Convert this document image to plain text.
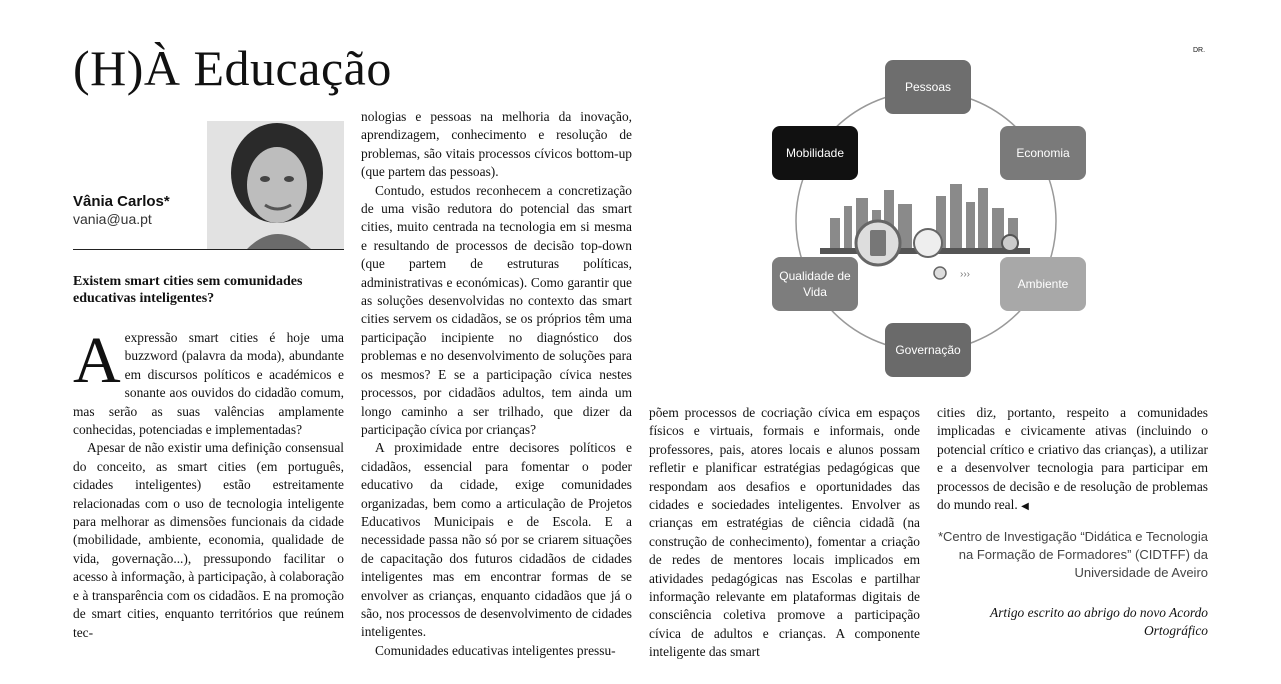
(H)À Educação	DR.
Vânia Carlos*
vania@ua.pt
Existem smart cities sem comunidades educativas inteligentes?

Aexpressão smart cities é hoje uma buzzword (palavra da moda), abundante em discursos políticos e académicos e sonante aos ouvidos do cidadão comum, mas serão as suas valências amplamente conhecidas, potenciadas e implementadas?

Apesar de não existir uma definição consensual do conceito, as smart cities (em português, cidades inteligentes) estão estreitamente relacionadas com o uso de tecnologia inteligente para melhorar as dimensões funcionais da cidade (mobilidade, ambiente, economia, qualidade de vida, governação...), pressupondo facilitar o acesso à informação, à participação, à colaboração e à transparência com os cidadãos. E na promoção de smart cities, enquanto territórios que reúnem tec-

nologias e pessoas na melhoria da inovação, aprendizagem, conhecimento e resolução de problemas, são vitais processos cívicos bottom-up (que partem das pessoas).

Contudo, estudos reconhecem a concretização de uma visão redutora do potencial das smart cities, muito centrada na tecnologia em si mesma e resultando de processos de decisão top-down (que partem de estruturas políticas, administrativas e económicas). Como garantir que as soluções desenvolvidas no contexto das smart cities servem os cidadãos, se os próprios têm uma participação incipiente no diagnóstico dos problemas e no desenvolvimento de soluções para os mesmos? E se a participação cívica nestes processos, por cidadãos adultos, tem ainda um longo caminho a ser trilhado, que dizer da participação cívica por crianças?

A proximidade entre decisores políticos e cidadãos, essencial para fomentar o poder educativo da cidade, exige comunidades organizadas, bem como a articulação de Projetos Educativos Municipais e de Escola. E a necessidade passa não só por se criarem situações de capacitação dos futuros cidadãos de cidades inteligentes mas em encontrar formas de se envolver as crianças, enquanto cidadãos que já o são, nos processos de desenvolvimento de cidades inteligentes.

Comunidades educativas inteligentes pressu-

põem processos de cocriação cívica em espaços físicos e virtuais, formais e informais, onde professores, pais, atores locais e alunos possam refletir e planificar estratégias pedagógicas que respondam aos desafios e oportunidades das cidades e sociedades inteligentes. Envolver as crianças em estratégias de ciência cidadã (na construção de conhecimento), fomentar a criação de redes de mentores locais implicados em atividades pedagógicas nas Escolas e partilhar informação relevante em plataformas digitais de consciência coletiva promove a participação cívica de adultos e crianças. A componente inteligente das smart

cities diz, portanto, respeito a comunidades implicadas e civicamente ativas (incluindo o potencial crítico e criativo das crianças), a utilizar e a desenvolver tecnologia para participar em processos de decisão e de resolução de problemas do mundo real. ◀

*Centro de Investigação “Didática e Tecnologia na Formação de Formadores” (CIDTFF) da Universidade de Aveiro
Artigo escrito ao abrigo do novo Acordo Ortográfico
›››
Pessoas
Economia
Ambiente
Governação
Qualidade de Vida
Mobilidade
